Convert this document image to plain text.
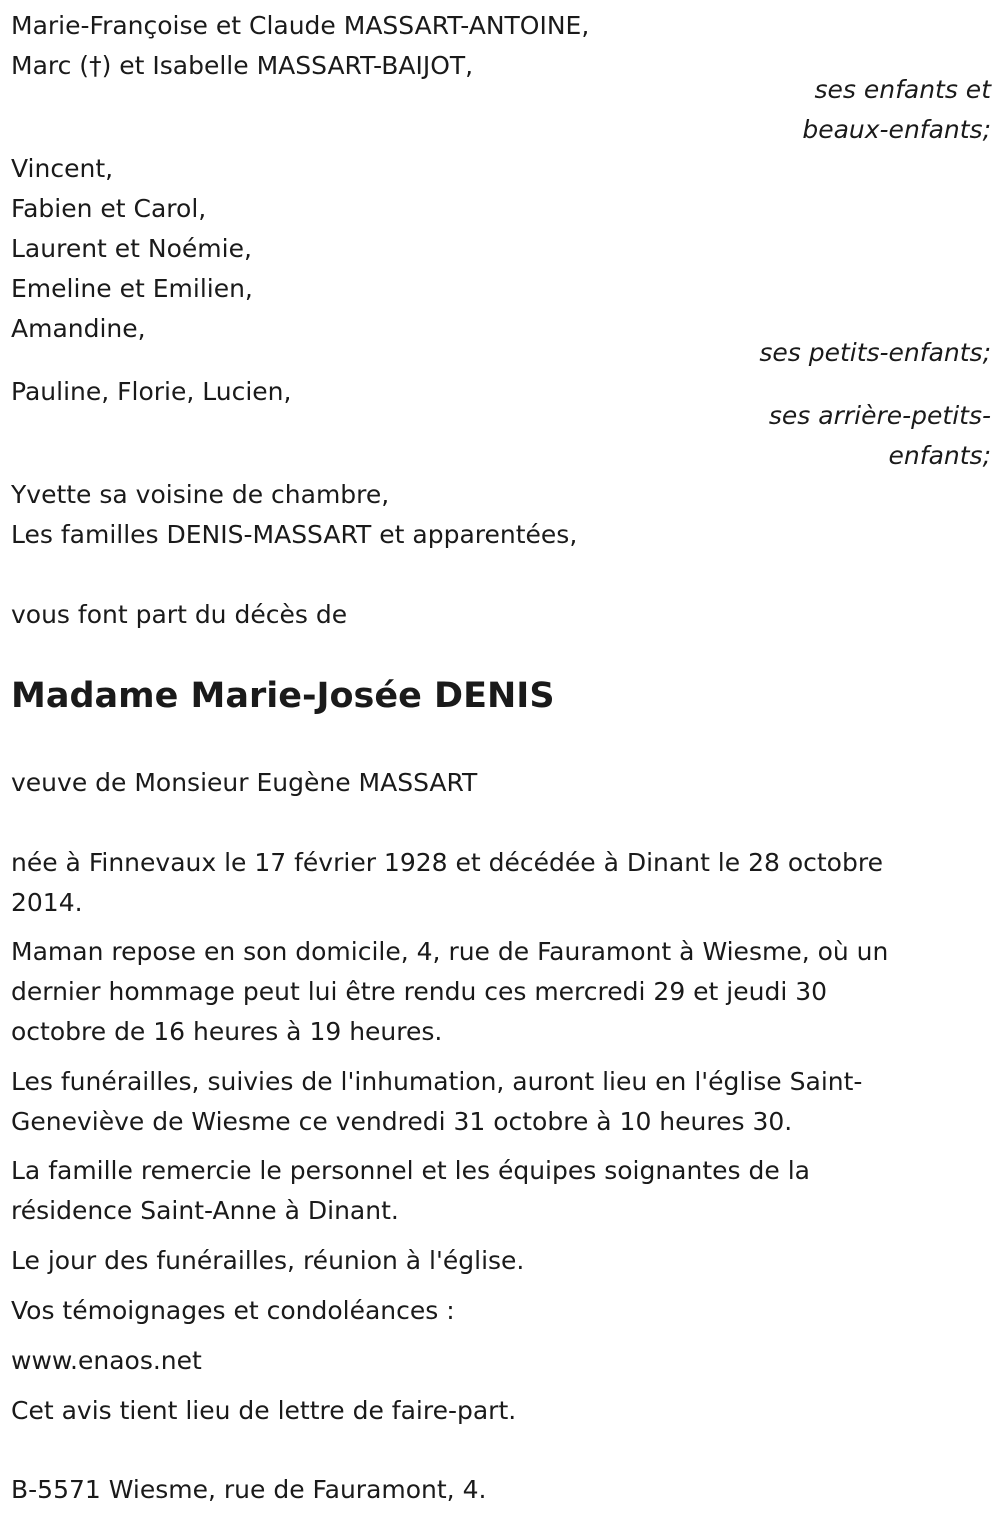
Marie-Françoise et Claude MASSART-ANTOINE,
Marc (†) et Isabelle MASSART-BAIJOT,
ses enfants et
beaux-enfants;
Vincent,
Fabien et Carol,
Laurent et Noémie,
Emeline et Emilien,
Amandine,
ses petits-enfants;
Pauline, Florie, Lucien,
ses arrière-petits-
enfants;
Yvette sa voisine de chambre,
Les familles DENIS-MASSART et apparentées,
vous font part du décès de
Madame Marie-Josée DENIS
veuve de Monsieur Eugène MASSART
née à Finnevaux le 17 février 1928 et décédée à Dinant le 28 octobre
2014.
Maman repose en son domicile, 4, rue de Fauramont à Wiesme, où un
dernier hommage peut lui être rendu ces mercredi 29 et jeudi 30
octobre de 16 heures à 19 heures.
Les funérailles, suivies de l'inhumation, auront lieu en l'église Saint-
Geneviève de Wiesme ce vendredi 31 octobre à 10 heures 30.
La famille remercie le personnel et les équipes soignantes de la
résidence Saint-Anne à Dinant.
Le jour des funérailles, réunion à l'église.
Vos témoignages et condoléances :
www.enaos.net
Cet avis tient lieu de lettre de faire-part.
B-5571 Wiesme, rue de Fauramont, 4.
